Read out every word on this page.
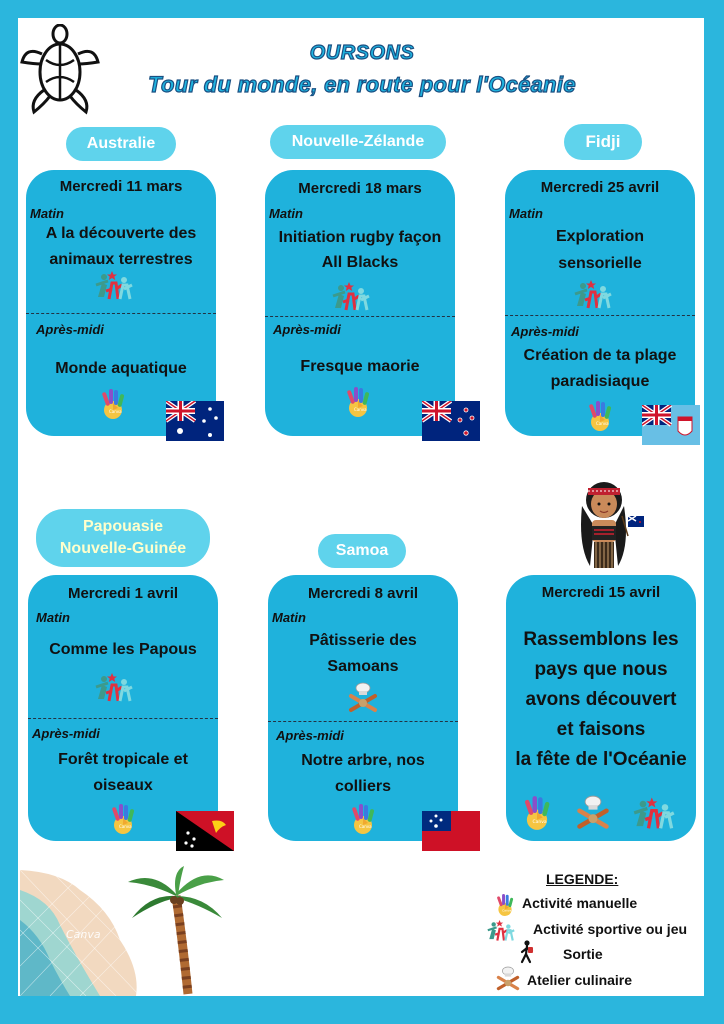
OURSONS
Tour du monde, en route pour l'Océanie
Australie	Nouvelle-Zélande	Fidji
Papouasie
Nouvelle-Guinée	Samoa
Mercredi 11 mars
Matin
A la découverte des
animaux terrestres
Après-midi
Monde aquatique
Mercredi 18 mars
Matin
Initiation rugby façon
All Blacks
Après-midi
Fresque maorie
Mercredi 25 avril
Matin
Exploration
sensorielle
Après-midi
Création de ta plage
paradisiaque
Mercredi 1 avril
Matin
Comme les Papous
Après-midi
Forêt tropicale et
oiseaux
Mercredi 8 avril
Matin
Pâtisserie des
Samoans
Après-midi
Notre arbre, nos
colliers
Mercredi 15 avril
Rassemblons les
pays que nous
avons découvert
et faisons
la fête de l'Océanie
Canva
LEGENDE:
Activité manuelle
Activité sportive ou jeu
Sortie
Atelier culinaire
